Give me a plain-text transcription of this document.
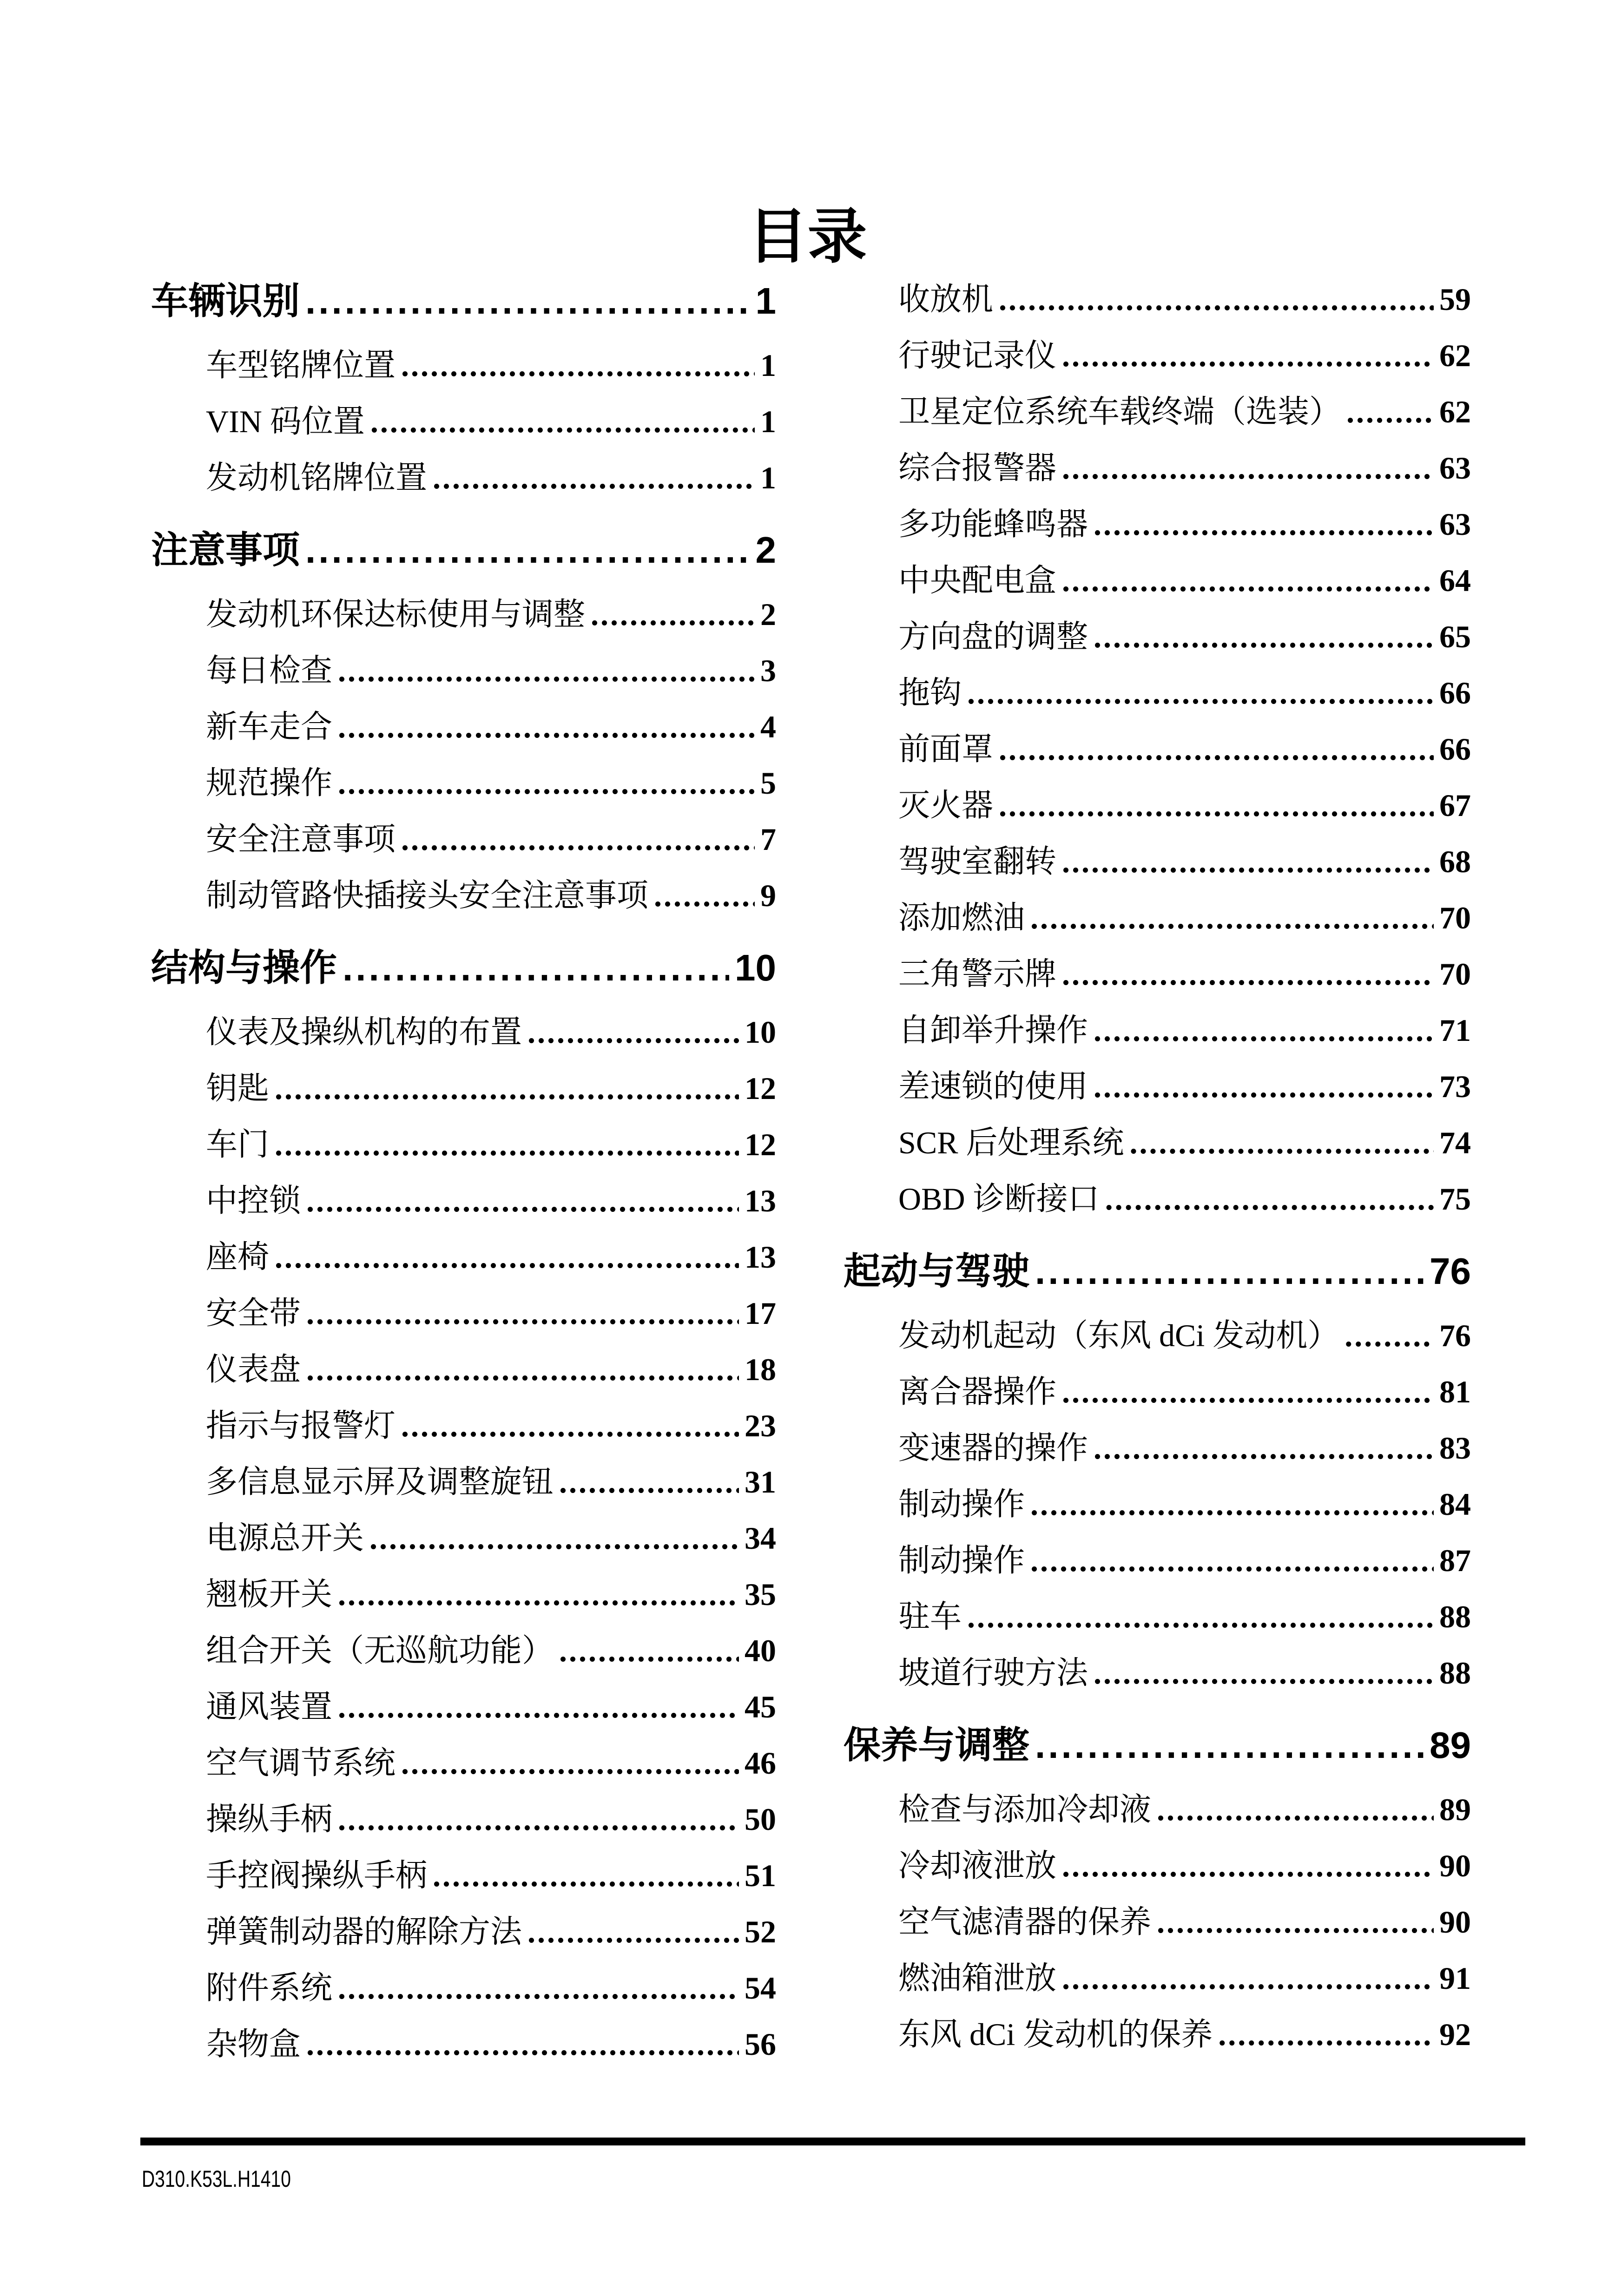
目录
车辆识别 .....	1
车型铭牌位置 .....	1
VIN 码位置 .....	1
发动机铭牌位置 .....	1
注意事项 .....	2
发动机环保达标使用与调整 .....	2
每日检查 .....	3
新车走合 .....	4
规范操作 .....	5
安全注意事项 .....	7
制动管路快插接头安全注意事项 .....	9
结构与操作 .....	10
仪表及操纵机构的布置 .....	10
钥匙 .....	12
车门 .....	12
中控锁 .....	13
座椅 .....	13
安全带 .....	17
仪表盘 .....	18
指示与报警灯 .....	23
多信息显示屏及调整旋钮 .....	31
电源总开关 .....	34
翘板开关 .....	35
组合开关（无巡航功能） .....	40
通风装置 .....	45
空气调节系统 .....	46
操纵手柄 .....	50
手控阀操纵手柄 .....	51
弹簧制动器的解除方法 .....	52
附件系统 .....	54
杂物盒 .....	56
收放机 .....	59
行驶记录仪 .....	62
卫星定位系统车载终端（选装） .....	62
综合报警器 .....	63
多功能蜂鸣器 .....	63
中央配电盒 .....	64
方向盘的调整 .....	65
拖钩 .....	66
前面罩 .....	66
灭火器 .....	67
驾驶室翻转 .....	68
添加燃油 .....	70
三角警示牌 .....	70
自卸举升操作 .....	71
差速锁的使用 .....	73
SCR 后处理系统 .....	74
OBD 诊断接口 .....	75
起动与驾驶 .....	76
发动机起动（东风 dCi 发动机） .....	76
离合器操作 .....	81
变速器的操作 .....	83
制动操作 .....	84
制动操作 .....	87
驻车 .....	88
坡道行驶方法 .....	88
保养与调整 .....	89
检查与添加冷却液 .....	89
冷却液泄放 .....	90
空气滤清器的保养 .....	90
燃油箱泄放 .....	91
东风 dCi 发动机的保养 .....	92
D310.K53L.H1410
